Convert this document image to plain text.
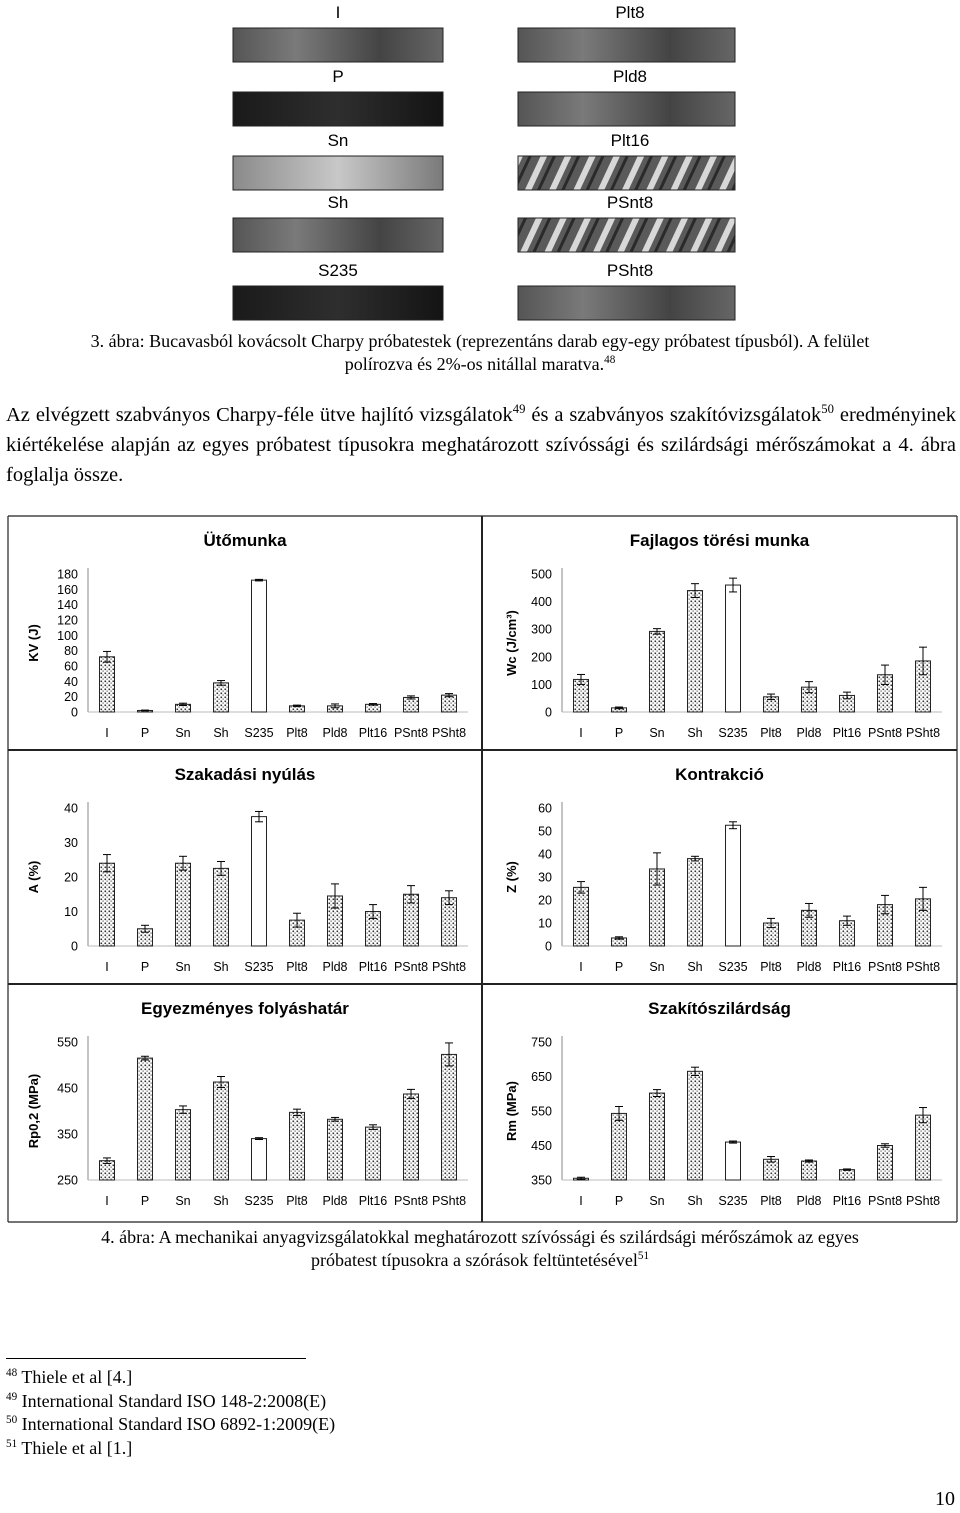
I
P
Sn
Sh
S235
Plt8
Pld8
Plt16
PSnt8
PSht8
3. ábra: Bucavasból kovácsolt Charpy próbatestek (reprezentáns darab egy-egy próbatest típusból). A felület
polírozva és 2%-os nitállal maratva.$^{48}$
Az elvégzett szabványos Charpy-féle ütve hajlító vizsgálatok$^{49}$ és a szabványos szakítóvizsgálatok$^{50}$ eredményinek kiértékelése alapján az egyes próbatest típusokra meghatározott szívóssági és szilárdsági mérőszámokat a 4. ábra foglalja össze.
Ütőmunka
KV (J)
0
20
40
60
80
100
120
140
160
180
I	P Sn Sh S235 Plt8 Pld8 Plt16 PSnt8 PSht8
Fajlagos törési munka
Wc (J/cm³)
0
100
200
300
400
500
I	P Sn Sh S235 Plt8 Pld8 Plt16 PSnt8 PSht8
Szakadási nyúlás
A (%)
0
10
20
30
40
I	P Sn Sh S235 Plt8 Pld8 Plt16 PSnt8 PSht8
Kontrakció
Z (%)
0
10
20
30
40
50
60
I	P Sn Sh S235 Plt8 Pld8 Plt16 PSnt8 PSht8
Egyezményes folyáshatár
Rp0,2 (MPa)
250
350
450
550
I	P Sn Sh S235 Plt8 Pld8 Plt16 PSnt8 PSht8
Szakítószilárdság
Rm (MPa)
350
450
550
650
750
I	P Sn Sh S235 Plt8 Pld8 Plt16 PSnt8 PSht8
4. ábra: A mechanikai anyagvizsgálatokkal meghatározott szívóssági és szilárdsági mérőszámok az egyes
próbatest típusokra a szórások feltüntetésével$^{51}$
$^{48}$ Thiele et al [4.]
$^{49}$ International Standard ISO 148-2:2008(E)
$^{50}$ International Standard ISO 6892-1:2009(E)
$^{51}$ Thiele et al [1.]
10
